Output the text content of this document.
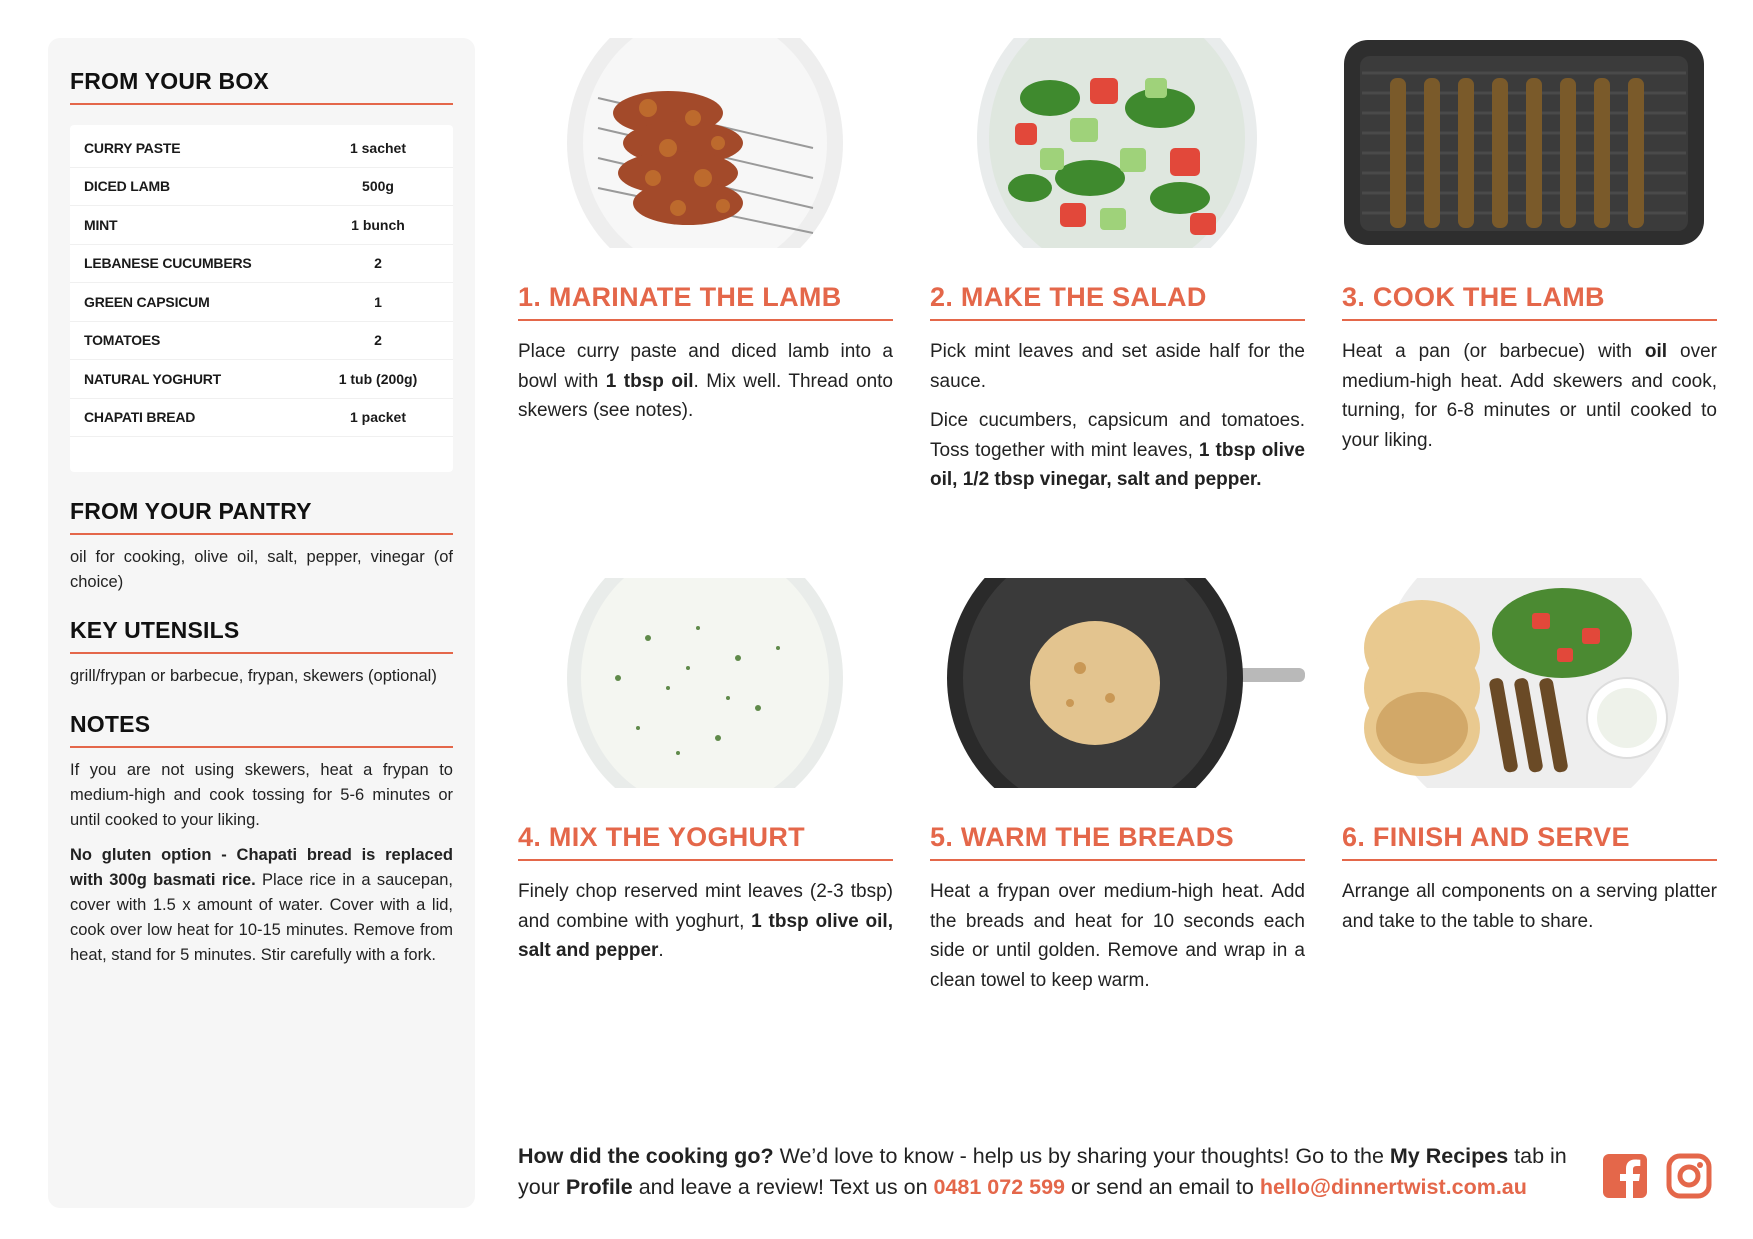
FROM YOUR BOX
CURRY PASTE	1 sachet
DICED LAMB	500g
MINT	1 bunch
LEBANESE CUCUMBERS	2
GREEN CAPSICUM	1
TOMATOES	2
NATURAL YOGHURT	1 tub (200g)
CHAPATI BREAD	1 packet
FROM YOUR PANTRY

oil for cooking, olive oil, salt, pepper, vinegar (of choice)

KEY UTENSILS

grill/frypan or barbecue, frypan, skewers (optional)

NOTES

If you are not using skewers, heat a frypan to medium-high and cook tossing for 5-6 minutes or until cooked to your liking.

No gluten option - Chapati bread is replaced with 300g basmati rice. Place rice in a saucepan, cover with 1.5 x amount of water. Cover with a lid, cook over low heat for 10-15 minutes. Remove from heat, stand for 5 minutes. Stir carefully with a fork.

1. MARINATE THE LAMB

Place curry paste and diced lamb into a bowl with 1 tbsp oil. Mix well. Thread onto skewers (see notes).

2. MAKE THE SALAD

Pick mint leaves and set aside half for the sauce.

Dice cucumbers, capsicum and tomatoes. Toss together with mint leaves, 1 tbsp olive oil, 1/2 tbsp vinegar, salt and pepper.

3. COOK THE LAMB

Heat a pan (or barbecue) with oil over medium-high heat. Add skewers and cook, turning, for 6-8 minutes or until cooked to your liking.

4. MIX THE YOGHURT

Finely chop reserved mint leaves (2-3 tbsp) and combine with yoghurt, 1 tbsp olive oil, salt and pepper.

5. WARM THE BREADS

Heat a frypan over medium-high heat. Add the breads and heat for 10 seconds each side or until golden. Remove and wrap in a clean towel to keep warm.

6. FINISH AND SERVE

Arrange all components on a serving platter and take to the table to share.

How did the cooking go? We’d love to know - help us by sharing your thoughts! Go to the My Recipes tab in your Profile and leave a review! Text us on 0481 072 599 or send an email to hello@dinnertwist.com.au
